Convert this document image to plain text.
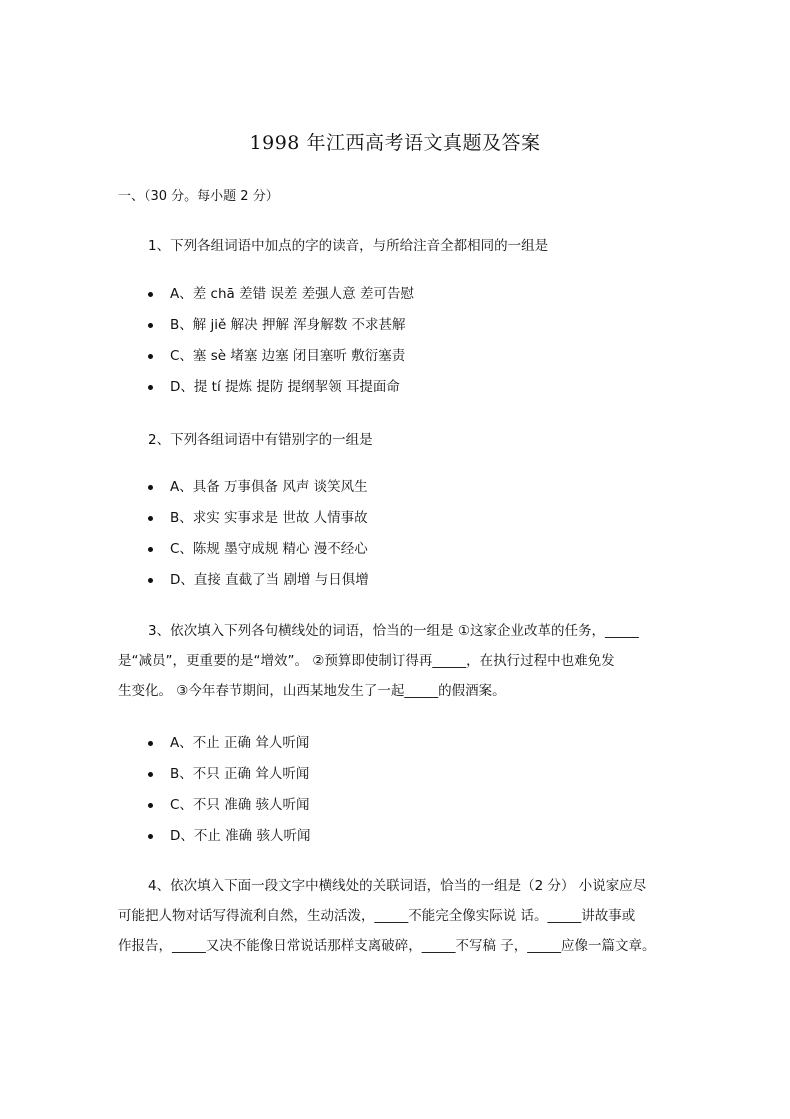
1998 年江西高考语文真题及答案
一、（30 分。每小题 2 分）
1、下列各组词语中加点的字的读音，与所给注音全都相同的一组是
A、差 chā 差错 误差 差强人意 差可告慰
B、解 jiě 解决 押解 浑身解数 不求甚解
C、塞 sè 堵塞 边塞 闭目塞听 敷衍塞责
D、提 tí 提炼 提防 提纲挈领 耳提面命
2、下列各组词语中有错别字的一组是
A、具备 万事俱备 风声 谈笑风生
B、求实 实事求是 世故 人情事故
C、陈规 墨守成规 精心 漫不经心
D、直接 直截了当 剧增 与日俱增
3、依次填入下列各句横线处的词语，恰当的一组是 ①这家企业改革的任务，_____
是“减员”，更重要的是“增效”。 ②预算即使制订得再_____，在执行过程中也难免发
生变化。 ③今年春节期间，山西某地发生了一起_____的假酒案。
A、不止 正确 耸人听闻
B、不只 正确 耸人听闻
C、不只 准确 骇人听闻
D、不止 准确 骇人听闻
4、依次填入下面一段文字中横线处的关联词语，恰当的一组是（2 分） 小说家应尽
可能把人物对话写得流利自然，生动活泼，_____不能完全像实际说 话。_____讲故事或
作报告，_____又决不能像日常说话那样支离破碎，_____不写稿 子，_____应像一篇文章。
